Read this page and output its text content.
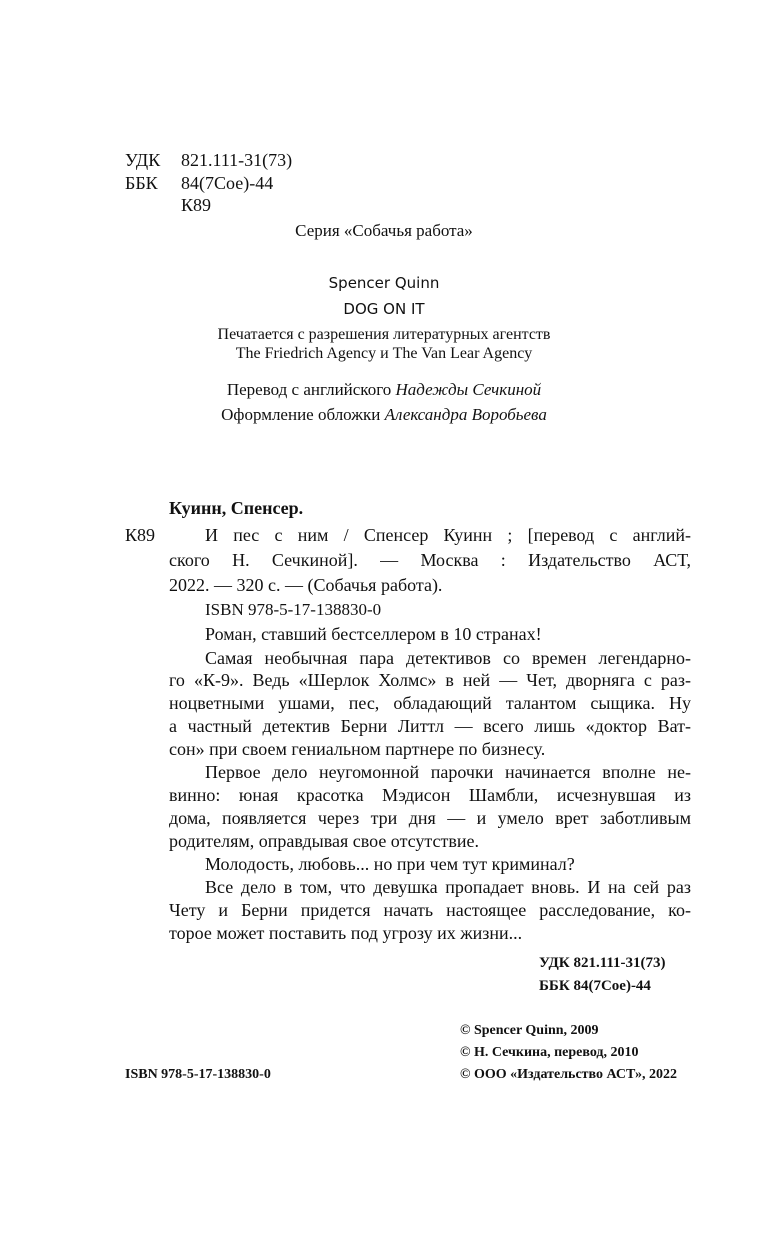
УДК 821.111-31(73)
ББК 84(7Сое)-44
К89
Серия «Собачья работа»
Spencer Quinn
DOG ON IT
Печатается с разрешения литературных агентств
The Friedrich Agency и The Van Lear Agency
Перевод с английского Надежды Сечкиной
Оформление обложки Александра Воробьева
Куинн, Спенсер.
К89	И пес с ним / Спенсер Куинн ; [перевод с англий-
ского Н. Сечкиной]. — Москва : Издательство АСТ,
2022. — 320 с. — (Собачья работа).
ISBN 978-5-17-138830-0
Роман, ставший бестселлером в 10 странах!
Самая необычная пара детективов со времен легендарно-
го «К-9». Ведь «Шерлок Холмс» в ней — Чет, дворняга с раз-
ноцветными ушами, пес, обладающий талантом сыщика. Ну
а частный детектив Берни Литтл — всего лишь «доктор Ват-
сон» при своем гениальном партнере по бизнесу.
Первое дело неугомонной парочки начинается вполне не-
винно: юная красотка Мэдисон Шамбли, исчезнувшая из
дома, появляется через три дня — и умело врет заботливым
родителям, оправдывая свое отсутствие.
Молодость, любовь... но при чем тут криминал?
Все дело в том, что девушка пропадает вновь. И на сей раз
Чету и Берни придется начать настоящее расследование, ко-
торое может поставить под угрозу их жизни...
УДК 821.111-31(73)
ББК 84(7Сое)-44
© Spencer Quinn, 2009
© Н. Сечкина, перевод, 2010
© ООО «Издательство АСТ», 2022
ISBN 978-5-17-138830-0
